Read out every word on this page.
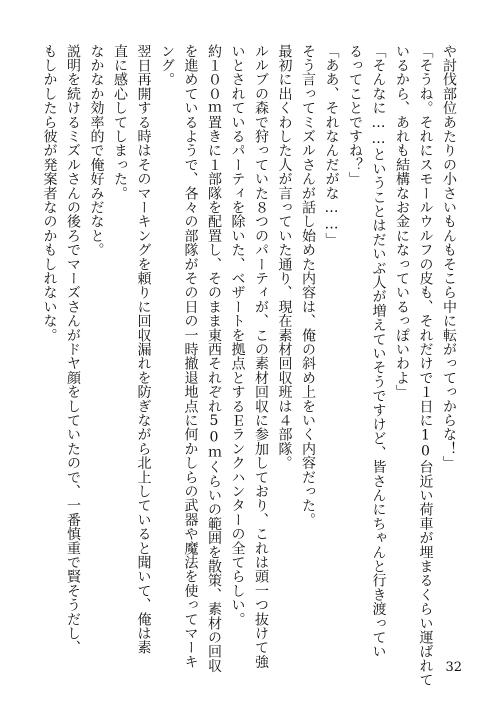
や討伐部位あたりの小さいもんもそこら中に転がってっからな！」

「そうね。それにスモールウルフの皮も、それだけで１日に10台近い荷車が埋まるくらい運ばれて

いるから、あれも結構なお金になっているっぽいわよ」

「そんなに……ということはだいぶ人が増えていそうですけど、皆さんにちゃんと行き渡ってい

るってことですね？」

「ああ、それなんだがな……」

そう言ってミズルさんが話し始めた内容は、俺の斜め上をいく内容だった。

最初に出くわした人が言っていた通り、現在素材回収班は４部隊。

ルルブの森で狩っていた８つのパーティが、この素材回収に参加しており、これは頭一つ抜けて強

いとされているパーティを除いた、ベザートを拠点とするＥランクハンターの全てらしい。

約１００ｍ置きに１部隊を配置し、そのまま東西それぞれ50ｍくらいの範囲を散策、素材の回収

を進めているようで、各々の部隊がその日の一時撤退地点に何かしらの武器や魔法を使ってマーキ

ング。

翌日再開する時はそのマーキングを頼りに回収漏れを防ぎながら北上していると聞いて、俺は素

直に感心してしまった。

なかなか効率的で俺好みだなと。

説明を続けるミズルさんの後ろでマーズさんがドヤ顔をしていたので、一番慎重で賢そうだし、

もしかしたら彼が発案者なのかもしれないな。

32
